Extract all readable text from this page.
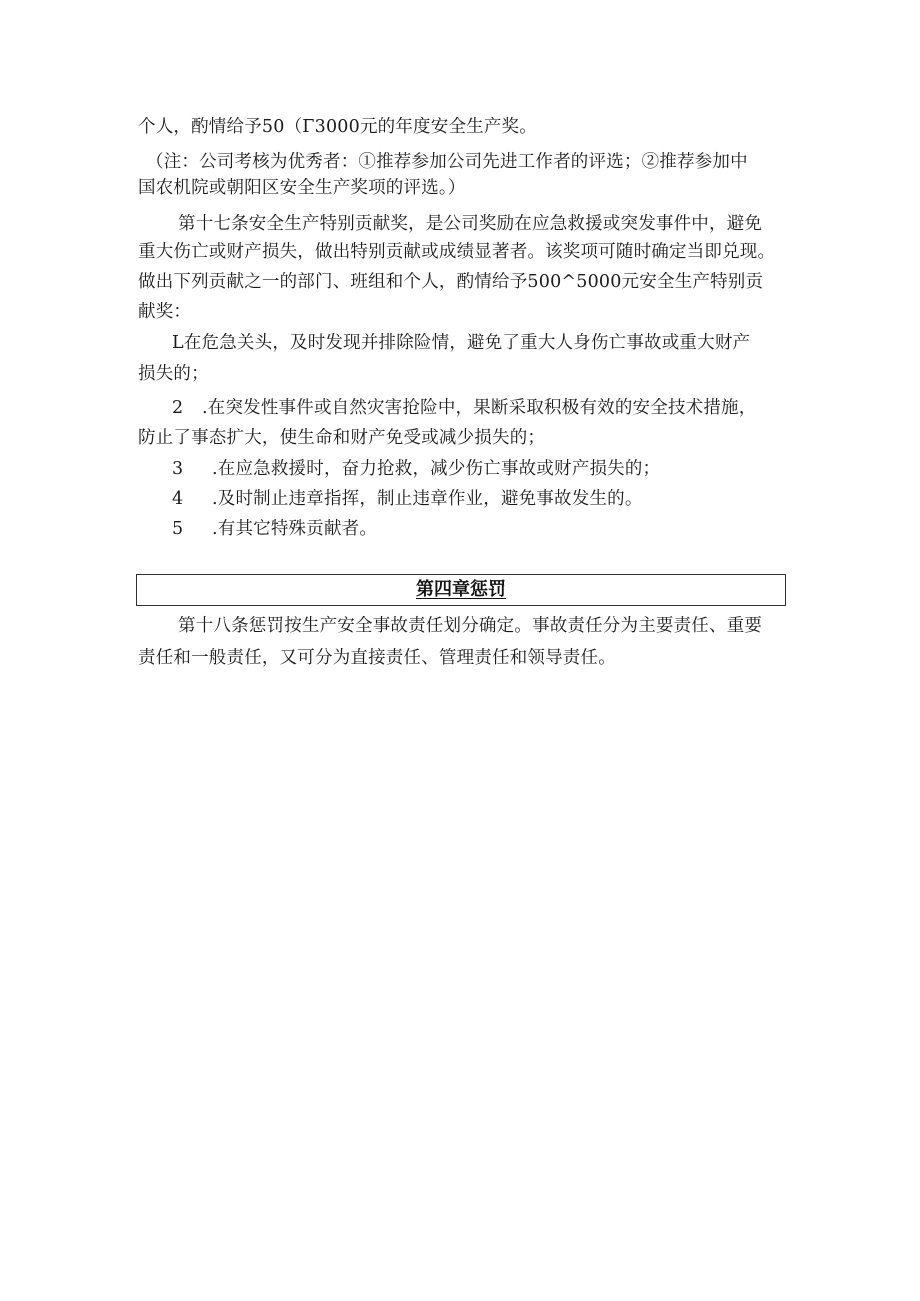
个人，酌情给予50（Γ3000元的年度安全生产奖。
（注：公司考核为优秀者：①推荐参加公司先进工作者的评选；②推荐参加中
国农机院或朝阳区安全生产奖项的评选。）
第十七条安全生产特别贡献奖，是公司奖励在应急救援或突发事件中，避免
重大伤亡或财产损失，做出特别贡献或成绩显著者。该奖项可随时确定当即兑现。
做出下列贡献之一的部门、班组和个人，酌情给予500^5000元安全生产特别贡
献奖：
L在危急关头，及时发现并排除险情，避免了重大人身伤亡事故或重大财产
损失的；
2 .在突发性事件或自然灾害抢险中，果断采取积极有效的安全技术措施，
防止了事态扩大，使生命和财产免受或减少损失的；
3 .在应急救援时，奋力抢救，减少伤亡事故或财产损失的；
4 .及时制止违章指挥，制止违章作业，避免事故发生的。
5 .有其它特殊贡献者。
第四章惩罚
第十八条惩罚按生产安全事故责任划分确定。事故责任分为主要责任、重要
责任和一般责任，又可分为直接责任、管理责任和领导责任。
